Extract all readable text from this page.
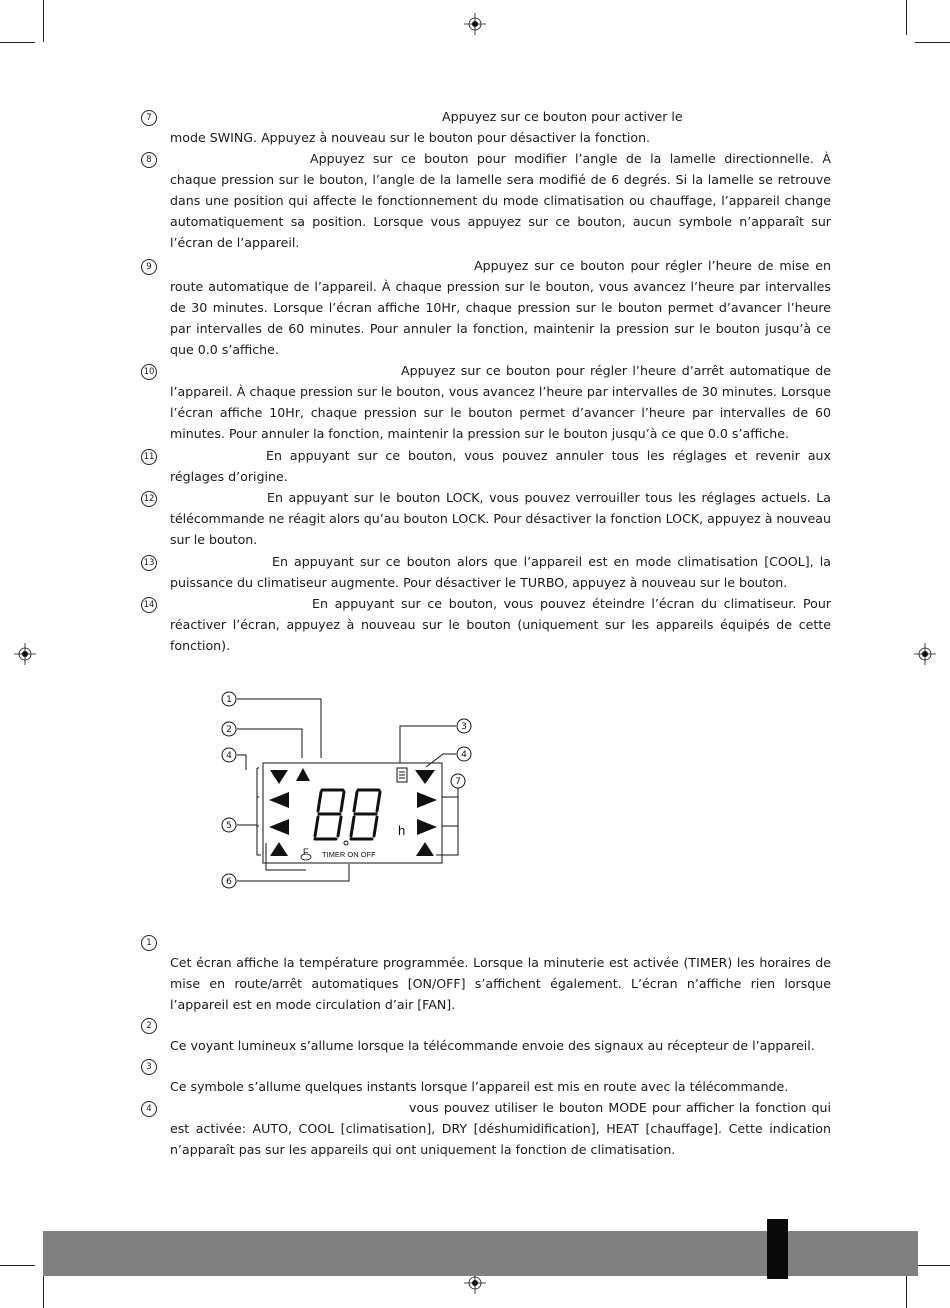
7	Appuyez sur ce bouton pour activer le

mode SWING. Appuyez à nouveau sur le bouton pour désactiver la fonction.

8	Appuyez sur ce bouton pour modifier l’angle de la lamelle directionnelle. À chaque pression sur le bouton, l’angle de la lamelle sera modifié de 6 degrés. Si la lamelle se retrouve dans une position qui affecte le fonctionnement du mode climatisation ou chauffage, l’appareil change automatiquement sa position. Lorsque vous appuyez sur ce bouton, aucun symbole n’apparaît sur l’écran de l’appareil.

9	Appuyez sur ce bouton pour régler l’heure de mise en route automatique de l’appareil. À chaque pression sur le bouton, vous avancez l’heure par intervalles de 30 minutes. Lorsque l’écran affiche 10Hr, chaque pression sur le bouton permet d’avancer l’heure par intervalles de 60 minutes. Pour annuler la fonction, maintenir la pression sur le bouton jusqu’à ce que 0.0 s’affiche.

10	Appuyez sur ce bouton pour régler l’heure d’arrêt automatique de l’appareil. À chaque pression sur le bouton, vous avancez l’heure par intervalles de 30 minutes. Lorsque l’écran affiche 10Hr, chaque pression sur le bouton permet d’avancer l’heure par intervalles de 60 minutes. Pour annuler la fonction, maintenir la pression sur le bouton jusqu’à ce que 0.0 s’affiche.

11	En appuyant sur ce bouton, vous pouvez annuler tous les réglages et revenir aux réglages d’origine.

12	En appuyant sur le bouton LOCK, vous pouvez verrouiller tous les réglages actuels. La télécommande ne réagit alors qu’au bouton LOCK. Pour désactiver la fonction LOCK, appuyez à nouveau sur le bouton.

13	En appuyant sur ce bouton alors que l’appareil est en mode climatisation [COOL], la puissance du climatiseur augmente. Pour désactiver le TURBO, appuyez à nouveau sur le bouton.

14	En appuyant sur ce bouton, vous pouvez éteindre l’écran du climatiseur. Pour réactiver l’écran, appuyez à nouveau sur le bouton (uniquement sur les appareils équipés de cette fonction).

h
F TIMER ON OFF
1
2
4
5
6
3
4
7
1

Cet écran affiche la température programmée. Lorsque la minuterie est activée (TIMER) les horaires de mise en route/arrêt automatiques [ON/OFF] s’affichent également. L’écran n’affiche rien lorsque l’appareil est en mode circulation d’air [FAN].

2

Ce voyant lumineux s’allume lorsque la télécommande envoie des signaux au récepteur de l’appareil.

3

Ce symbole s’allume quelques instants lorsque l’appareil est mis en route avec la télécommande.

4	vous pouvez utiliser le bouton MODE pour afficher la fonction qui est activée: AUTO, COOL [climatisation], DRY [déshumidification], HEAT [chauffage]. Cette indication n’apparaît pas sur les appareils qui ont uniquement la fonction de climatisation.
